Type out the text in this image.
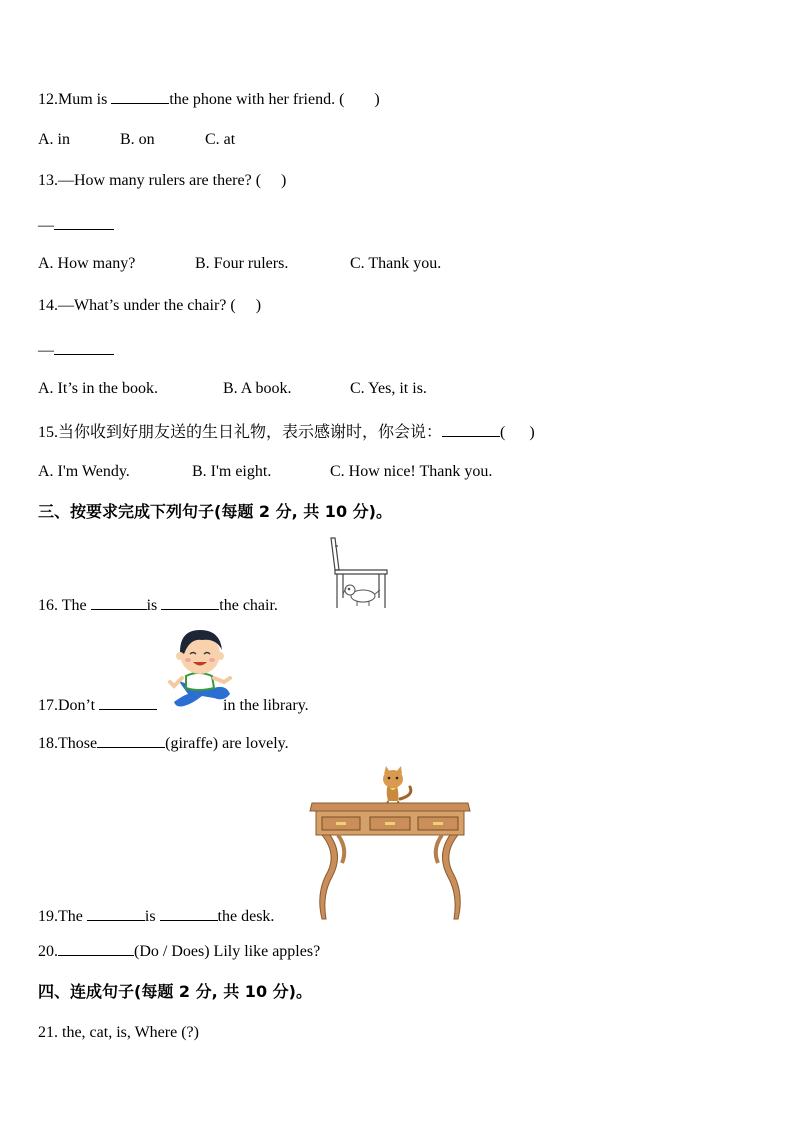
12.Mum is	the phone with her friend. ( )
A. in	B. on	C. at
13.—How many rulers are there? ( )
—
A. How many?	B. Four rulers.	C. Thank you.
14.—What’s under the chair? ( )
—
A. It’s in the book.	B. A book.	C. Yes, it is.
15.当你收到好朋友送的生日礼物，表示感谢时，你会说：	( )
A. I'm Wendy.	B. I'm eight.	C. How nice! Thank you.
三、按要求完成下列句子(每题 2 分, 共 10 分)。
16. The	is	the chair.
17.Don’t	in the library.
18.Those	(giraffe) are lovely.
19.The	is	the desk.
20.	(Do / Does) Lily like apples?
四、连成句子(每题 2 分, 共 10 分)。
21. the, cat, is, Where (?)
